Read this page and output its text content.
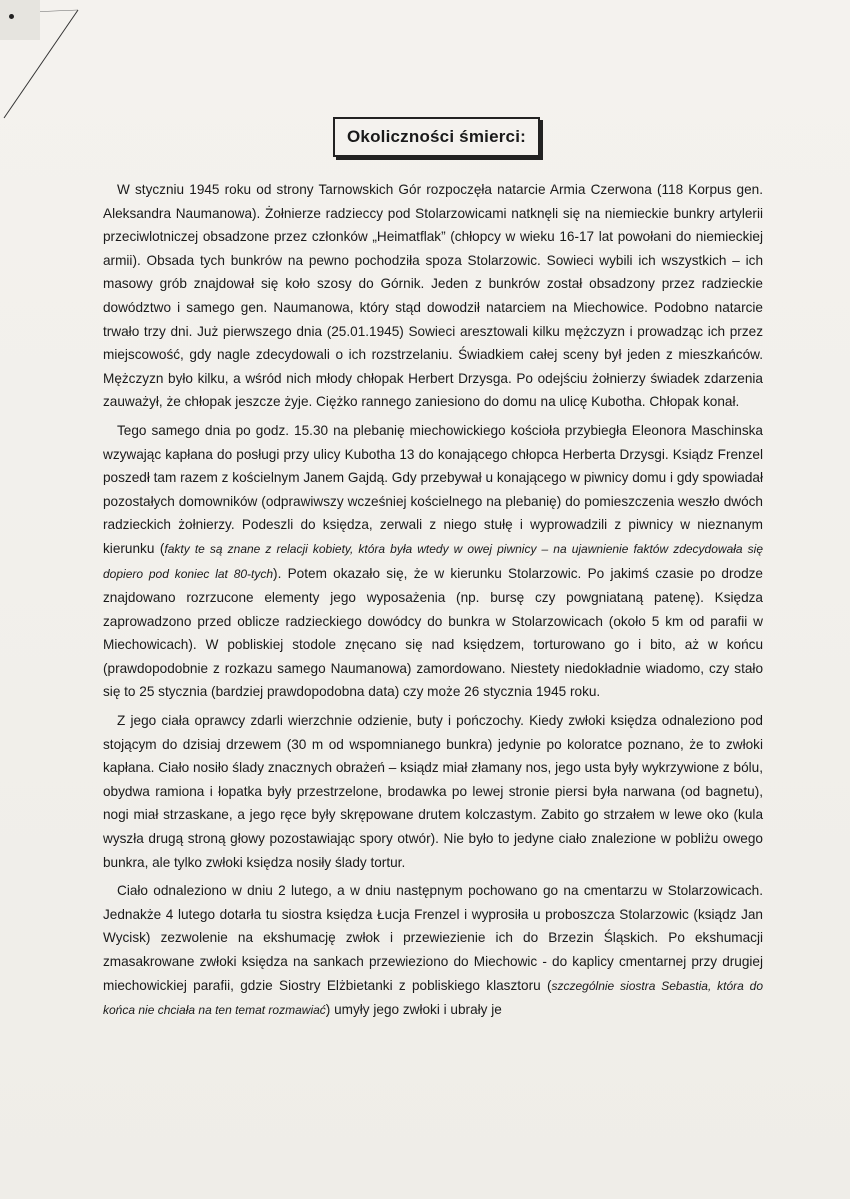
Okoliczności śmierci:

W styczniu 1945 roku od strony Tarnowskich Gór rozpoczęła natarcie Armia Czerwona (118 Korpus gen. Aleksandra Naumanowa). Żołnierze radzieccy pod Stolarzowicami natknęli się na niemieckie bunkry artylerii przeciwlotniczej obsadzone przez członków „Heimatflak” (chłopcy w wieku 16-17 lat powołani do niemieckiej armii). Obsada tych bunkrów na pewno pochodziła spoza Stolarzowic. Sowieci wybili ich wszystkich – ich masowy grób znajdował się koło szosy do Górnik. Jeden z bunkrów został obsadzony przez radzieckie dowództwo i samego gen. Naumanowa, który stąd dowodził natarciem na Miechowice. Podobno natarcie trwało trzy dni. Już pierwszego dnia (25.01.1945) Sowieci aresztowali kilku mężczyzn i prowadząc ich przez miejscowość, gdy nagle zdecydowali o ich rozstrzelaniu. Świadkiem całej sceny był jeden z mieszkańców. Mężczyzn było kilku, a wśród nich młody chłopak Herbert Drzysga. Po odejściu żołnierzy świadek zdarzenia zauważył, że chłopak jeszcze żyje. Ciężko rannego zaniesiono do domu na ulicę Kubotha. Chłopak konał.

Tego samego dnia po godz. 15.30 na plebanię miechowickiego kościoła przybiegła Eleonora Maschinska wzywając kapłana do posługi przy ulicy Kubotha 13 do konającego chłopca Herberta Drzysgi. Ksiądz Frenzel poszedł tam razem z kościelnym Janem Gajdą. Gdy przebywał u konającego w piwnicy domu i gdy spowiadał pozostałych domowników (odprawiwszy wcześniej kościelnego na plebanię) do pomieszczenia weszło dwóch radzieckich żołnierzy. Podeszli do księdza, zerwali z niego stułę i wyprowadzili z piwnicy w nieznanym kierunku (fakty te są znane z relacji kobiety, która była wtedy w owej piwnicy – na ujawnienie faktów zdecydowała się dopiero pod koniec lat 80-tych). Potem okazało się, że w kierunku Stolarzowic. Po jakimś czasie po drodze znajdowano rozrzucone elementy jego wyposażenia (np. bursę czy powgniataną patenę). Księdza zaprowadzono przed oblicze radzieckiego dowódcy do bunkra w Stolarzowicach (około 5 km od parafii w Miechowicach). W pobliskiej stodole znęcano się nad księdzem, torturowano go i bito, aż w końcu (prawdopodobnie z rozkazu samego Naumanowa) zamordowano. Niestety niedokładnie wiadomo, czy stało się to 25 stycznia (bardziej prawdopodobna data) czy może 26 stycznia 1945 roku.

Z jego ciała oprawcy zdarli wierzchnie odzienie, buty i pończochy. Kiedy zwłoki księdza odnaleziono pod stojącym do dzisiaj drzewem (30 m od wspomnianego bunkra) jedynie po koloratce poznano, że to zwłoki kapłana. Ciało nosiło ślady znacznych obrażeń – ksiądz miał złamany nos, jego usta były wykrzywione z bólu, obydwa ramiona i łopatka były przestrzelone, brodawka po lewej stronie piersi była narwana (od bagnetu), nogi miał strzaskane, a jego ręce były skrępowane drutem kolczastym. Zabito go strzałem w lewe oko (kula wyszła drugą stroną głowy pozostawiając spory otwór). Nie było to jedyne ciało znalezione w pobliżu owego bunkra, ale tylko zwłoki księdza nosiły ślady tortur.

Ciało odnaleziono w dniu 2 lutego, a w dniu następnym pochowano go na cmentarzu w Stolarzowicach. Jednakże 4 lutego dotarła tu siostra księdza Łucja Frenzel i wyprosiła u proboszcza Stolarzowic (ksiądz Jan Wycisk) zezwolenie na ekshumację zwłok i przewiezienie ich do Brzezin Śląskich. Po ekshumacji zmasakrowane zwłoki księdza na sankach przewieziono do Miechowic - do kaplicy cmentarnej przy drugiej miechowickiej parafii, gdzie Siostry Elżbietanki z pobliskiego klasztoru (szczególnie siostra Sebastia, która do końca nie chciała na ten temat rozmawiać) umyły jego zwłoki i ubrały je
